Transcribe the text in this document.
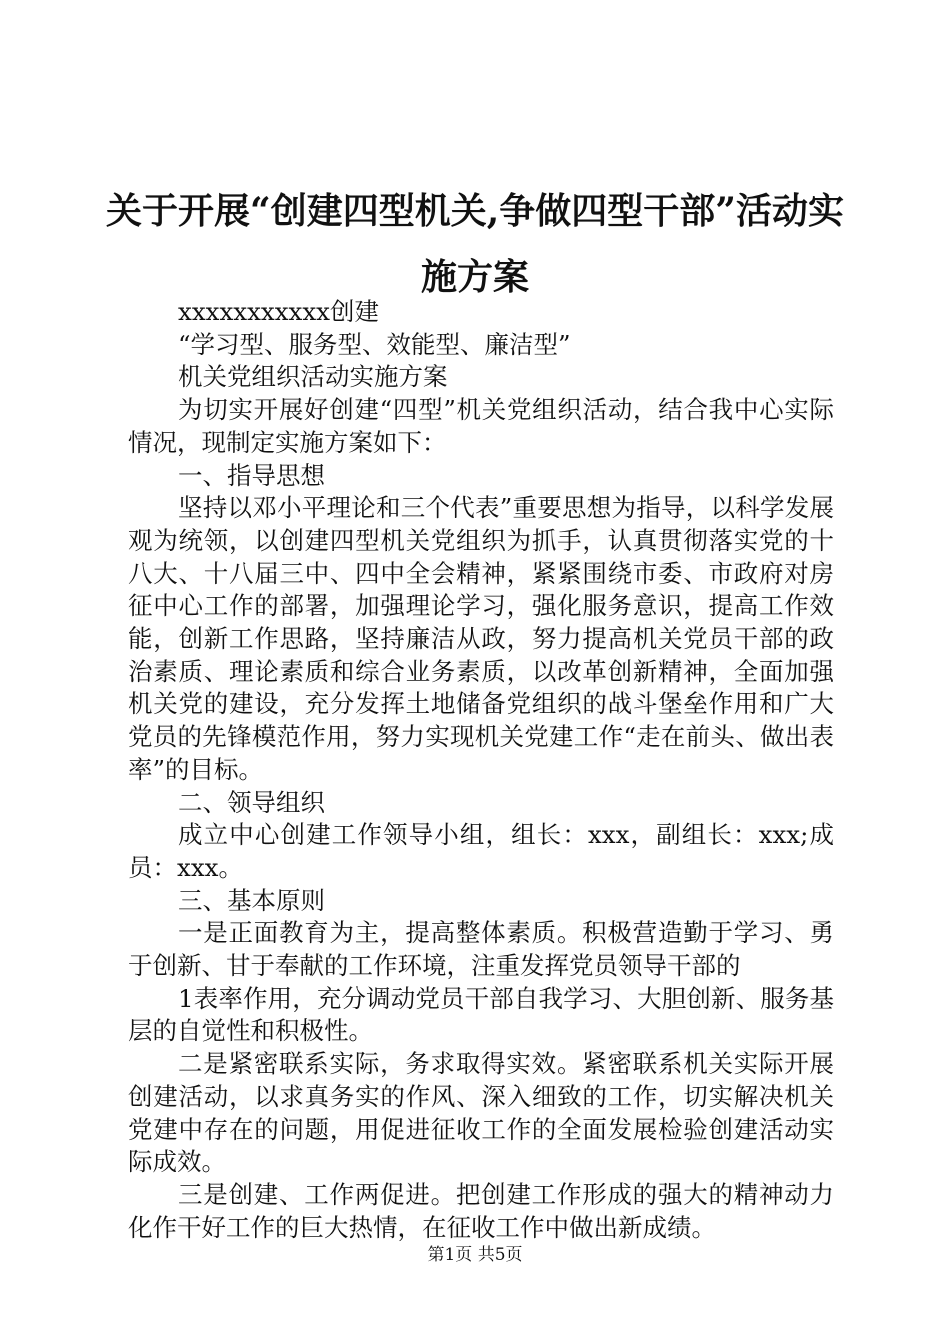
关于开展“创建四型机关,争做四型干部”活动实施方案

xxxxxxxxxxx创建

“学习型、服务型、效能型、廉洁型”

机关党组织活动实施方案

为切实开展好创建“四型”机关党组织活动，结合我中心实际情况，现制定实施方案如下：

一、指导思想

坚持以邓小平理论和三个代表”重要思想为指导，以科学发展观为统领，以创建四型机关党组织为抓手，认真贯彻落实党的十八大、十八届三中、四中全会精神，紧紧围绕市委、市政府对房征中心工作的部署，加强理论学习，强化服务意识，提高工作效能，创新工作思路，坚持廉洁从政，努力提高机关党员干部的政治素质、理论素质和综合业务素质，以改革创新精神，全面加强机关党的建设，充分发挥土地储备党组织的战斗堡垒作用和广大党员的先锋模范作用，努力实现机关党建工作“走在前头、做出表率”的目标。

二、领导组织

成立中心创建工作领导小组，组长：xxx，副组长：xxx;成员：xxx。

三、基本原则

一是正面教育为主，提高整体素质。积极营造勤于学习、勇于创新、甘于奉献的工作环境，注重发挥党员领导干部的

1表率作用，充分调动党员干部自我学习、大胆创新、服务基层的自觉性和积极性。

二是紧密联系实际，务求取得实效。紧密联系机关实际开展创建活动，以求真务实的作风、深入细致的工作，切实解决机关党建中存在的问题，用促进征收工作的全面发展检验创建活动实际成效。

三是创建、工作两促进。把创建工作形成的强大的精神动力化作干好工作的巨大热情，在征收工作中做出新成绩。

第1页 共5页
